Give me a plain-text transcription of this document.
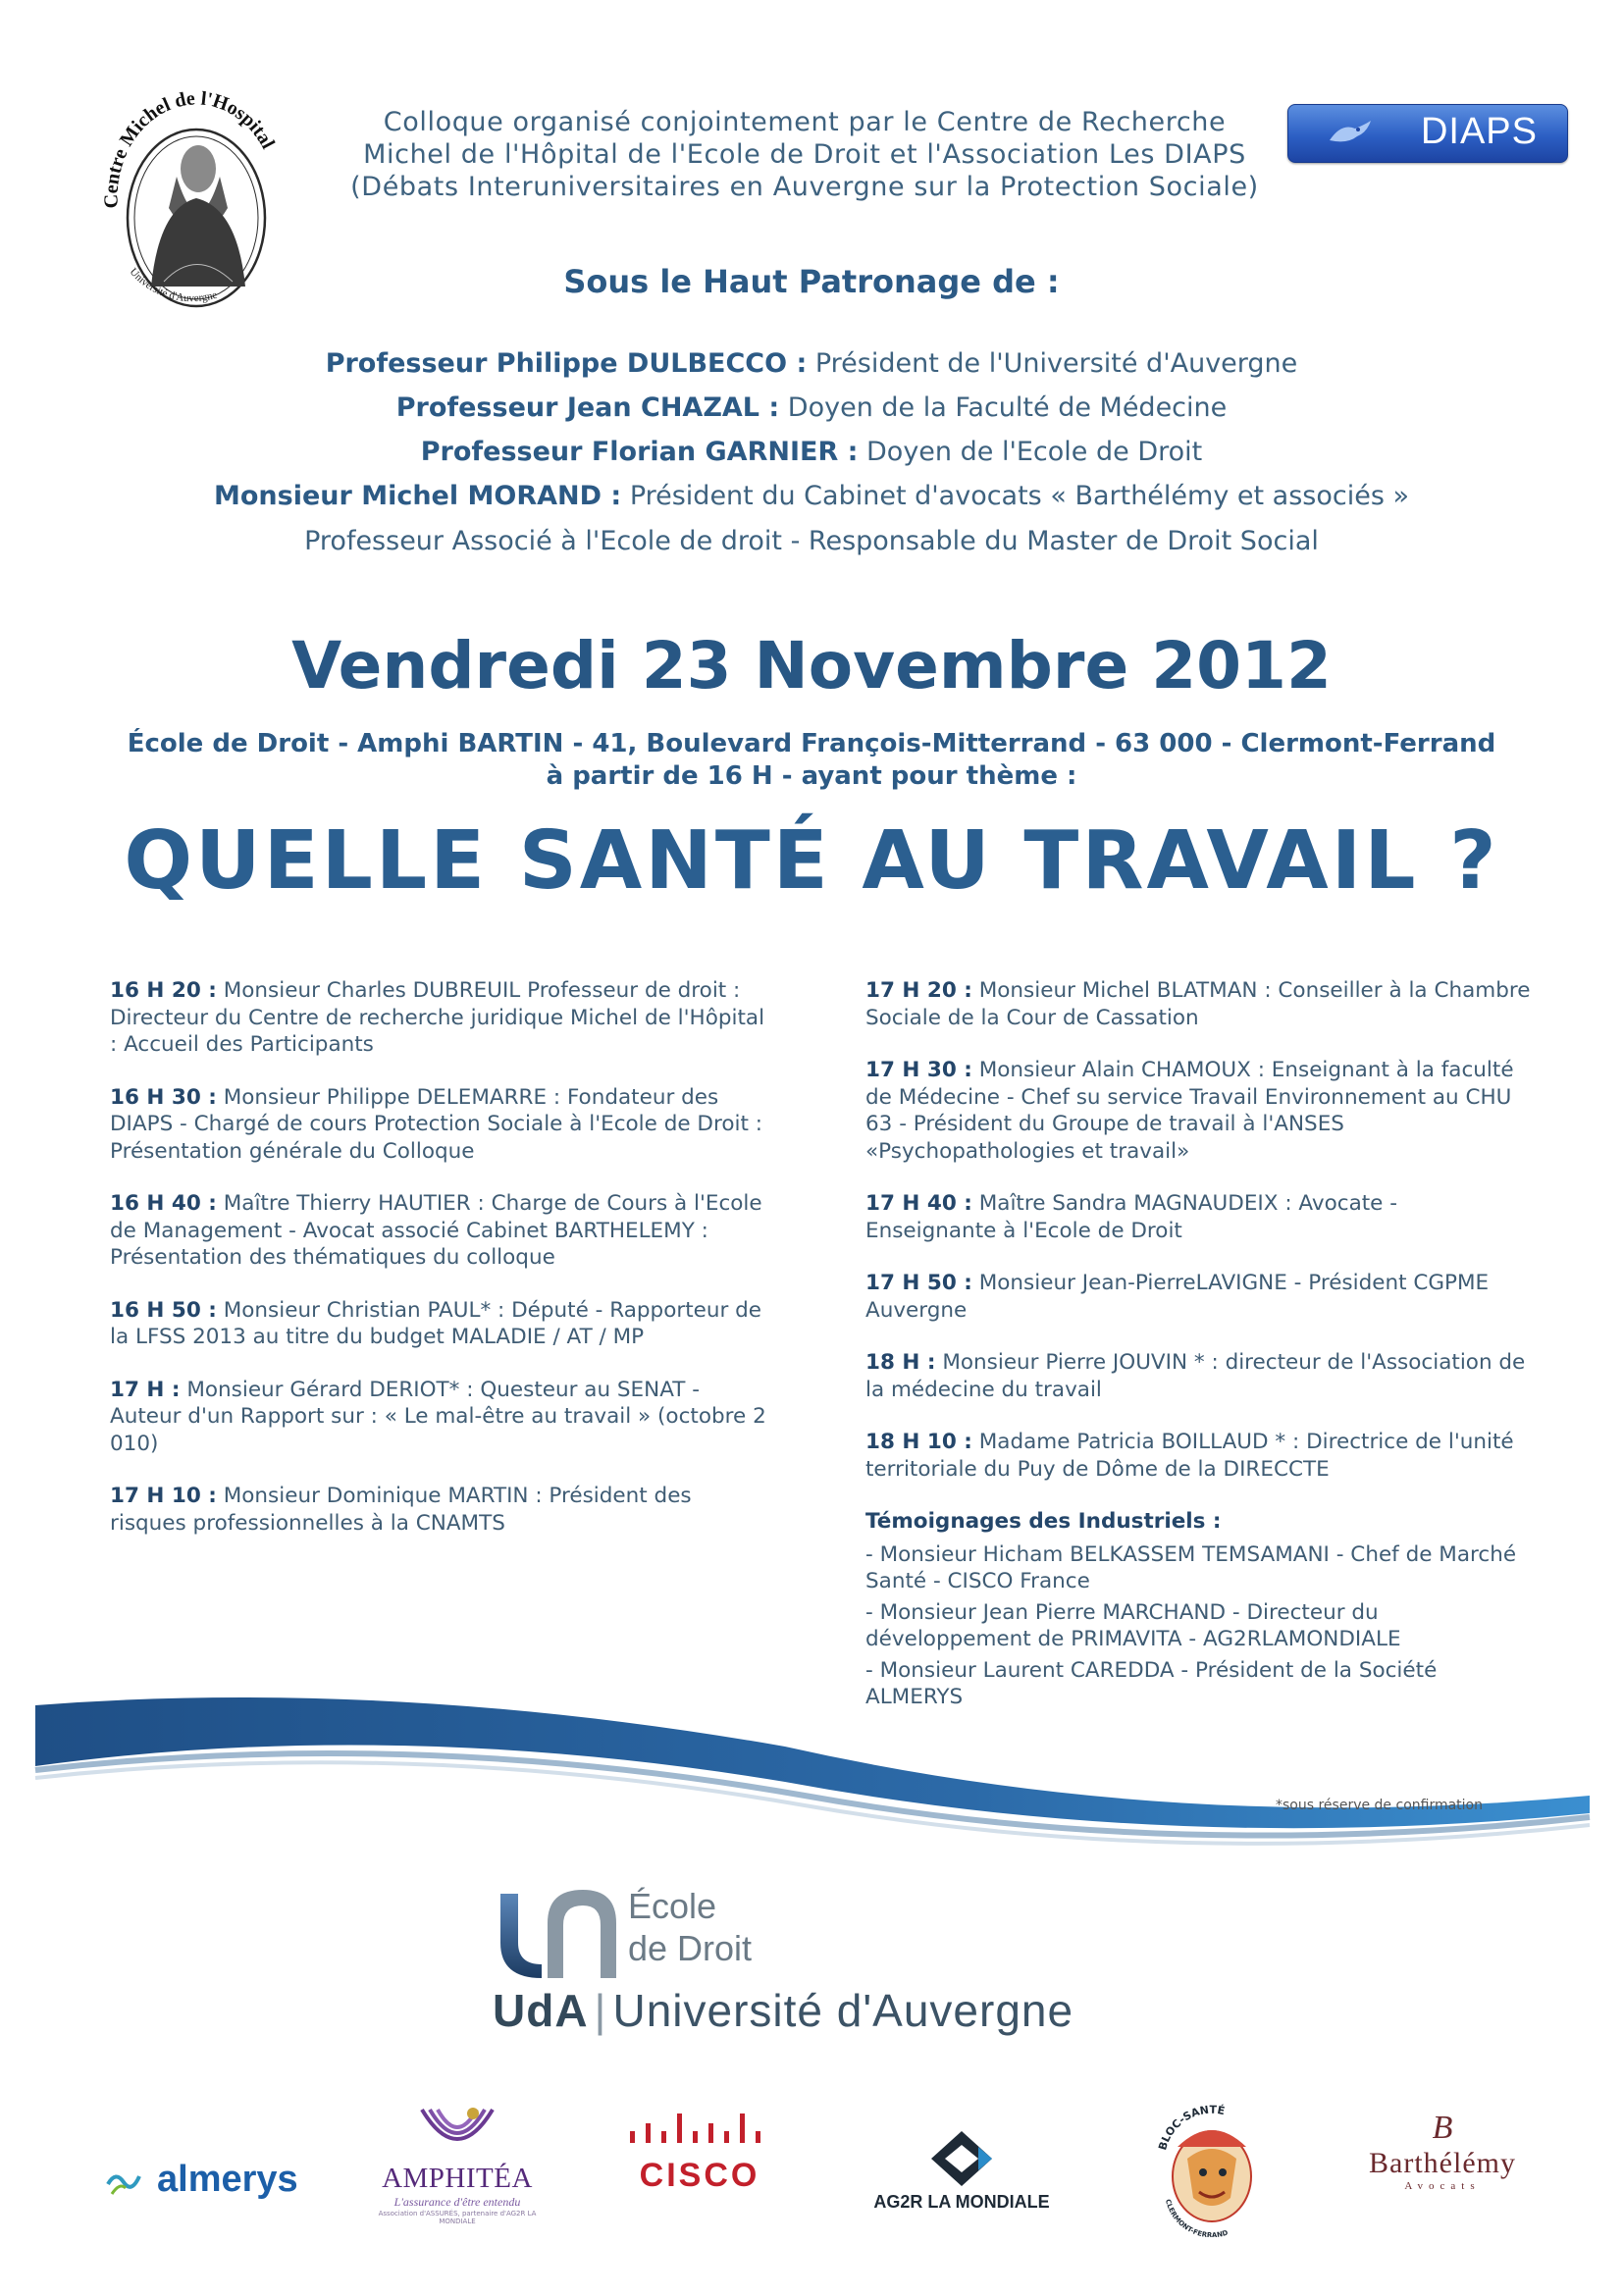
Centre Michel de l'Hospital
Université d'Auvergne
Colloque organisé conjointement par le Centre de Recherche
Michel de l'Hôpital de l'Ecole de Droit et l'Association Les DIAPS
(Débats Interuniversitaires en Auvergne sur la Protection Sociale)
DIAPS
Sous le Haut Patronage de :
Professeur Philippe DULBECCO : Président de l'Université d'Auvergne
Professeur Jean CHAZAL : Doyen de la Faculté de Médecine
Professeur Florian GARNIER : Doyen de l'Ecole de Droit
Monsieur Michel MORAND : Président du Cabinet d'avocats « Barthélémy et associés »
Professeur Associé à l'Ecole de droit - Responsable du Master de Droit Social
Vendredi 23 Novembre 2012
École de Droit - Amphi BARTIN - 41, Boulevard François-Mitterrand - 63 000 - Clermont-Ferrand
à partir de 16 H - ayant pour thème :
QUELLE SANTÉ AU TRAVAIL ?
16 H 20 : Monsieur Charles DUBREUIL Professeur de droit : Directeur du Centre de recherche juridique Michel de l'Hôpital : Accueil des Participants
16 H 30 : Monsieur Philippe DELEMARRE : Fondateur des DIAPS - Chargé de cours Protection Sociale à l'Ecole de Droit : Présentation générale du Colloque
16 H 40 : Maître Thierry HAUTIER : Charge de Cours à l'Ecole de Management - Avocat associé Cabinet BARTHELEMY : Présentation des thématiques du colloque
16 H 50 : Monsieur Christian PAUL* : Député - Rapporteur de la LFSS 2013 au titre du budget MALADIE / AT / MP
17 H : Monsieur Gérard DERIOT* : Questeur au SENAT - Auteur d'un Rapport sur : « Le mal-être au travail » (octobre 2 010)
17 H 10 : Monsieur Dominique MARTIN : Président des risques professionnelles à la CNAMTS
17 H 20 : Monsieur Michel BLATMAN : Conseiller à la Chambre Sociale de la Cour de Cassation
17 H 30 : Monsieur Alain CHAMOUX : Enseignant à la faculté de Médecine - Chef su service Travail Environnement au CHU 63 - Président du Groupe de travail à l'ANSES «Psychopathologies et travail»
17 H 40 : Maître Sandra MAGNAUDEIX : Avocate - Enseignante à l'Ecole de Droit
17 H 50 : Monsieur Jean-PierreLAVIGNE - Président CGPME Auvergne
18 H : Monsieur Pierre JOUVIN * : directeur de l'Association de la médecine du travail
18 H 10 : Madame Patricia BOILLAUD * : Directrice de l'unité territoriale du Puy de Dôme de la DIRECCTE
Témoignages des Industriels :
- Monsieur Hicham BELKASSEM TEMSAMANI - Chef de Marché Santé - CISCO France
- Monsieur Jean Pierre MARCHAND - Directeur du développement de PRIMAVITA - AG2RLAMONDIALE
- Monsieur Laurent CAREDDA - Président de la Société ALMERYS
*sous réserve de confirmation
École
de Droit
UdA | Université d'Auvergne
almerys	AMPHITÉA
L'assurance d'être entendu
Association d'ASSURÉS, partenaire d'AG2R LA MONDIALE
CISCO
AG2R LA MONDIALE
BLOC-SANTÉ
CLERMONT-FERRAND
B
Barthélémy
Avocats
